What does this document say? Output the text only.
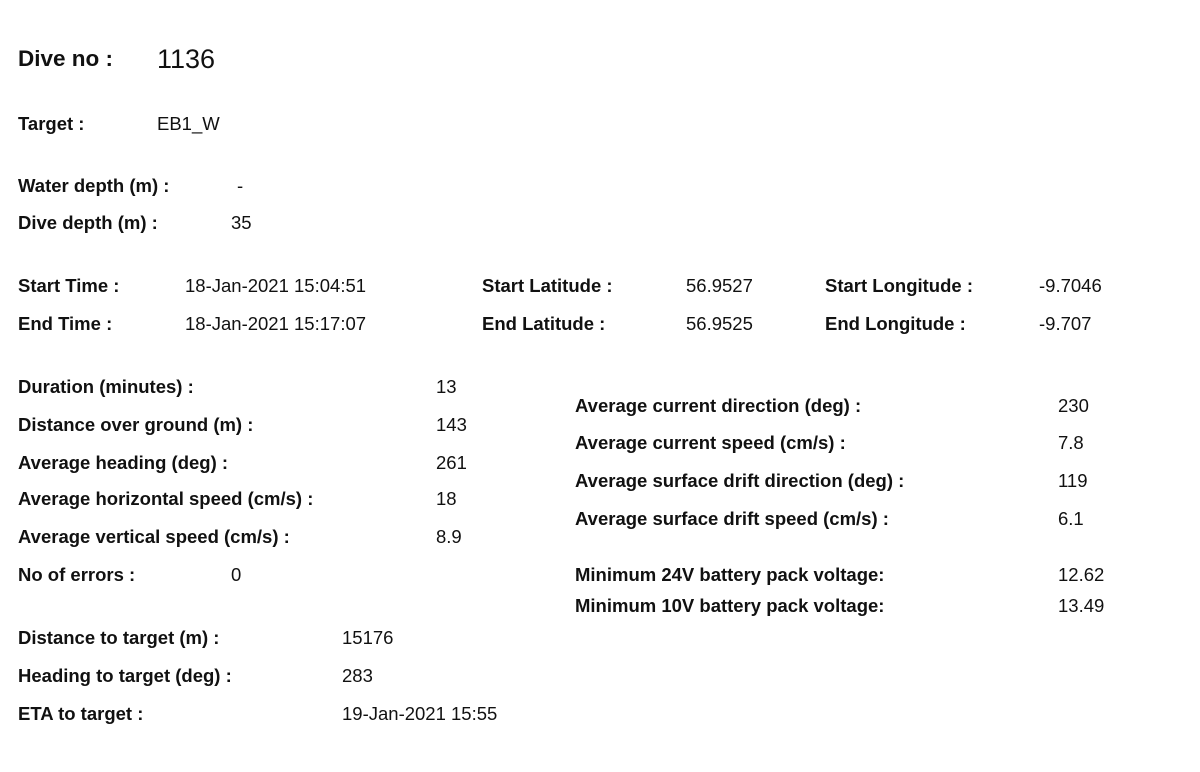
Dive no : 1136
Target :	EB1_W
Water depth (m) :	-
Dive depth (m) :	35
Start Time :	18-Jan-2021 15:04:51
End Time :	18-Jan-2021 15:17:07
Start Latitude :	56.9527
End Latitude :	56.9525
Start Longitude :	-9.7046
End Longitude :	-9.707
Duration (minutes) :	13
Distance over ground (m) :	143
Average heading (deg) :	261
Average horizontal speed (cm/s) :	18
Average vertical speed (cm/s) :	8.9
No of errors :	0
Average current direction (deg) :	230
Average current speed (cm/s) :	7.8
Average surface drift direction (deg) :	119
Average surface drift speed (cm/s) :	6.1
Minimum 24V battery pack voltage:	12.62
Minimum 10V battery pack voltage:	13.49
Distance to target (m) :	15176
Heading to target (deg) :	283
ETA to target :	19-Jan-2021 15:55
